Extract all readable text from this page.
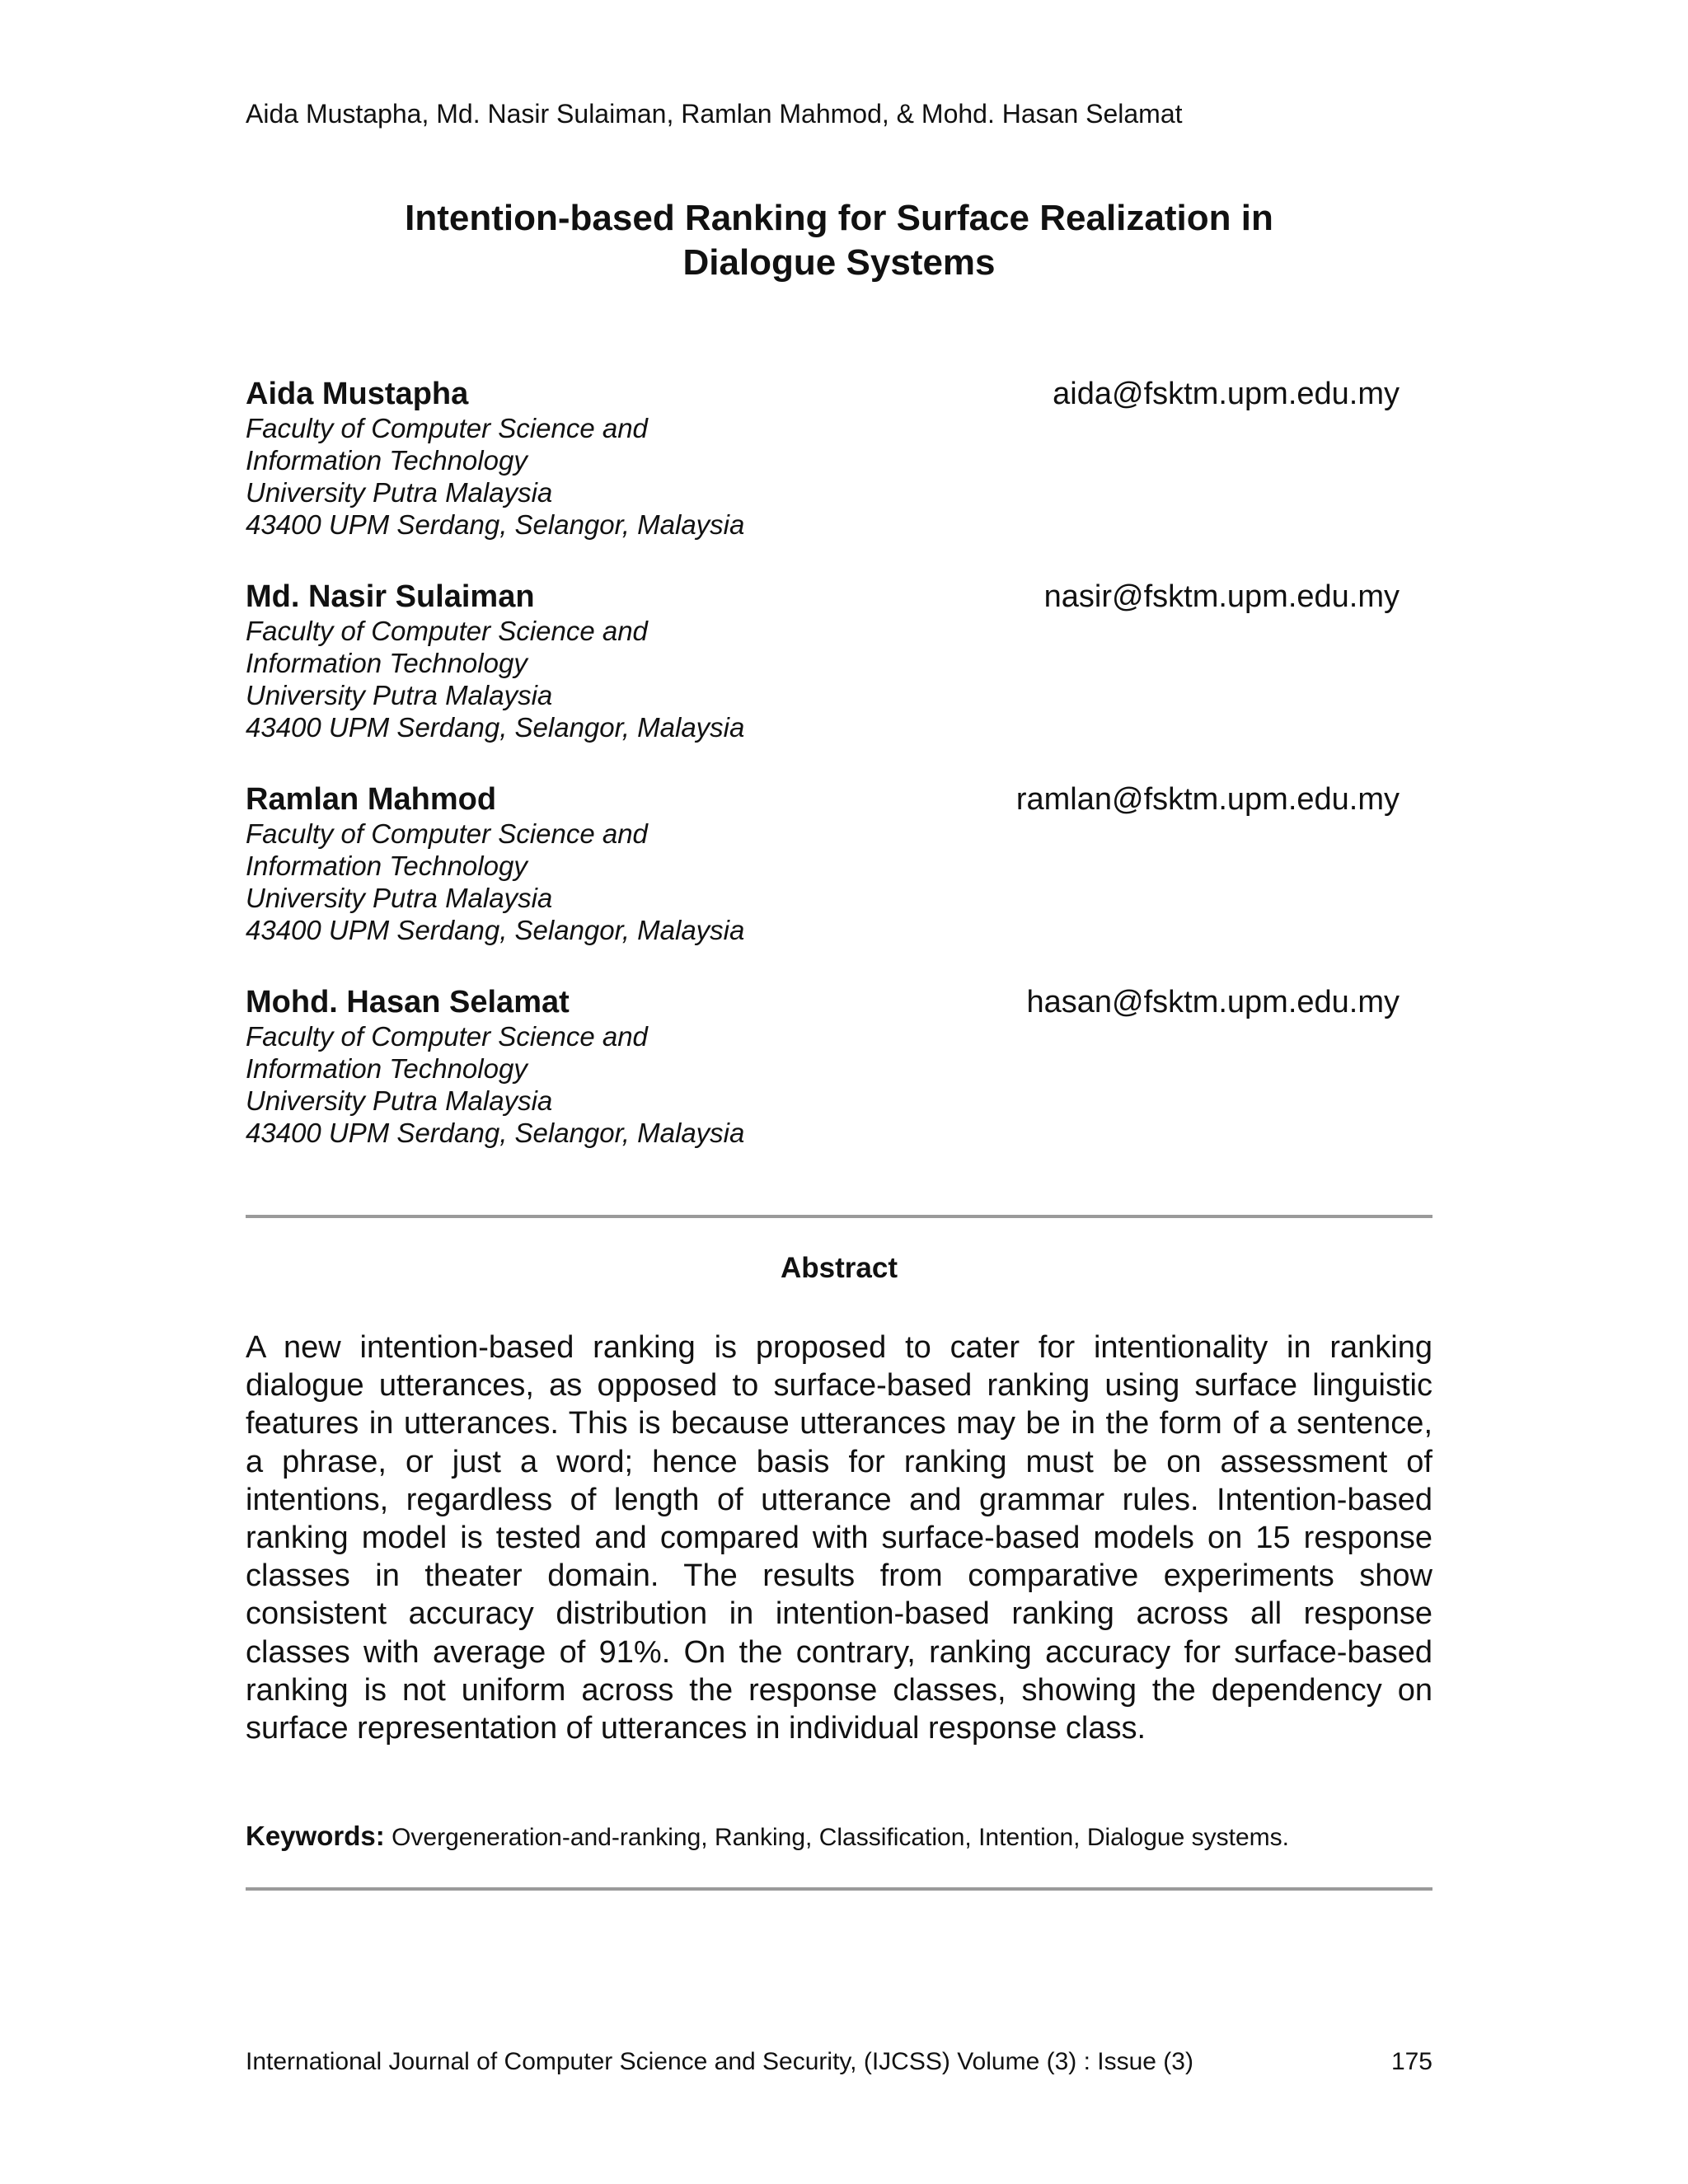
Aida Mustapha, Md. Nasir Sulaiman, Ramlan Mahmod, & Mohd. Hasan Selamat
Intention-based Ranking for Surface Realization in
Dialogue Systems
Aida Mustapha	aida@fsktm.upm.edu.my
Faculty of Computer Science and
Information Technology
University Putra Malaysia
43400 UPM Serdang, Selangor, Malaysia
Md. Nasir Sulaiman	nasir@fsktm.upm.edu.my
Faculty of Computer Science and
Information Technology
University Putra Malaysia
43400 UPM Serdang, Selangor, Malaysia
Ramlan Mahmod	ramlan@fsktm.upm.edu.my
Faculty of Computer Science and
Information Technology
University Putra Malaysia
43400 UPM Serdang, Selangor, Malaysia
Mohd. Hasan Selamat	hasan@fsktm.upm.edu.my
Faculty of Computer Science and
Information Technology
University Putra Malaysia
43400 UPM Serdang, Selangor, Malaysia
Abstract

A new intention-based ranking is proposed to cater for intentionality in ranking dialogue utterances, as opposed to surface-based ranking using surface linguistic features in utterances. This is because utterances may be in the form of a sentence, a phrase, or just a word; hence basis for ranking must be on assessment of intentions, regardless of length of utterance and grammar rules. Intention-based ranking model is tested and compared with surface-based models on 15 response classes in theater domain. The results from comparative experiments show consistent accuracy distribution in intention-based ranking across all response classes with average of 91%. On the contrary, ranking accuracy for surface-based ranking is not uniform across the response classes, showing the dependency on surface representation of utterances in individual response class.

Keywords: Overgeneration-and-ranking, Ranking, Classification, Intention, Dialogue systems.
International Journal of Computer Science and Security, (IJCSS) Volume (3) : Issue (3)	175
